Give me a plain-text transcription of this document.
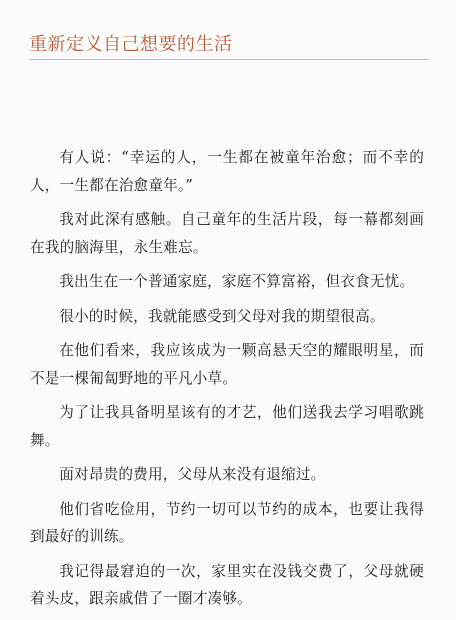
重新定义自己想要的生活

有人说：“幸运的人，一生都在被童年治愈；而不幸的人，一生都在治愈童年。”

我对此深有感触。自己童年的生活片段，每一幕都刻画在我的脑海里，永生难忘。

我出生在一个普通家庭，家庭不算富裕，但衣食无忧。

很小的时候，我就能感受到父母对我的期望很高。

在他们看来，我应该成为一颗高悬天空的耀眼明星，而不是一棵匍匐野地的平凡小草。

为了让我具备明星该有的才艺，他们送我去学习唱歌跳舞。

面对昂贵的费用，父母从来没有退缩过。

他们省吃俭用，节约一切可以节约的成本，也要让我得到最好的训练。

我记得最窘迫的一次，家里实在没钱交费了，父母就硬着头皮，跟亲戚借了一圈才凑够。
